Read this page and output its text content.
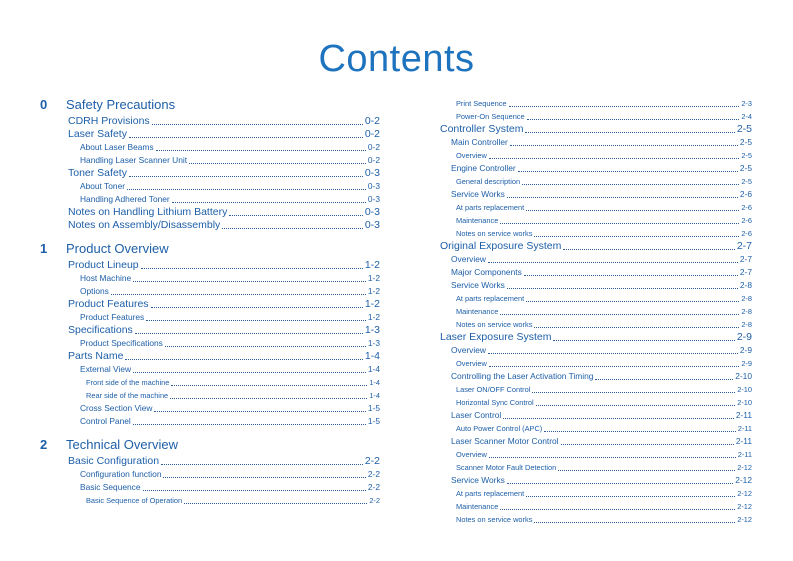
Contents
0 Safety Precautions
CDRH Provisions	0-2
Laser Safety	0-2
About Laser Beams	0-2
Handling Laser Scanner Unit	0-2
Toner Safety	0-3
About Toner	0-3
Handling Adhered Toner	0-3
Notes on Handling Lithium Battery	0-3
Notes on Assembly/Disassembly	0-3
1 Product Overview
Product Lineup	1-2
Host Machine	1-2
Options	1-2
Product Features	1-2
Product Features	1-2
Specifications	1-3
Product Specifications	1-3
Parts Name	1-4
External View	1-4
Front side of the machine	1-4
Rear side of the machine	1-4
Cross Section View	1-5
Control Panel	1-5
2 Technical Overview
Basic Configuration	2-2
Configuration function	2-2
Basic Sequence	2-2
Basic Sequence of Operation	2-2
Print Sequence	2-3
Power-On Sequence	2-4
Controller System	2-5
Main Controller	2-5
Overview	2-5
Engine Controller	2-5
General description	2-5
Service Works	2-6
At parts replacement	2-6
Maintenance	2-6
Notes on service works	2-6
Original Exposure System	2-7
Overview	2-7
Major Components	2-7
Service Works	2-8
At parts replacement	2-8
Maintenance	2-8
Notes on service works	2-8
Laser Exposure System	2-9
Overview	2-9
Overview	2-9
Controlling the Laser Activation Timing	2-10
Laser ON/OFF Control	2-10
Horizontal Sync Control	2-10
Laser Control	2-11
Auto Power Control (APC)	2-11
Laser Scanner Motor Control	2-11
Overview	2-11
Scanner Motor Fault Detection	2-12
Service Works	2-12
At parts replacement	2-12
Maintenance	2-12
Notes on service works	2-12
